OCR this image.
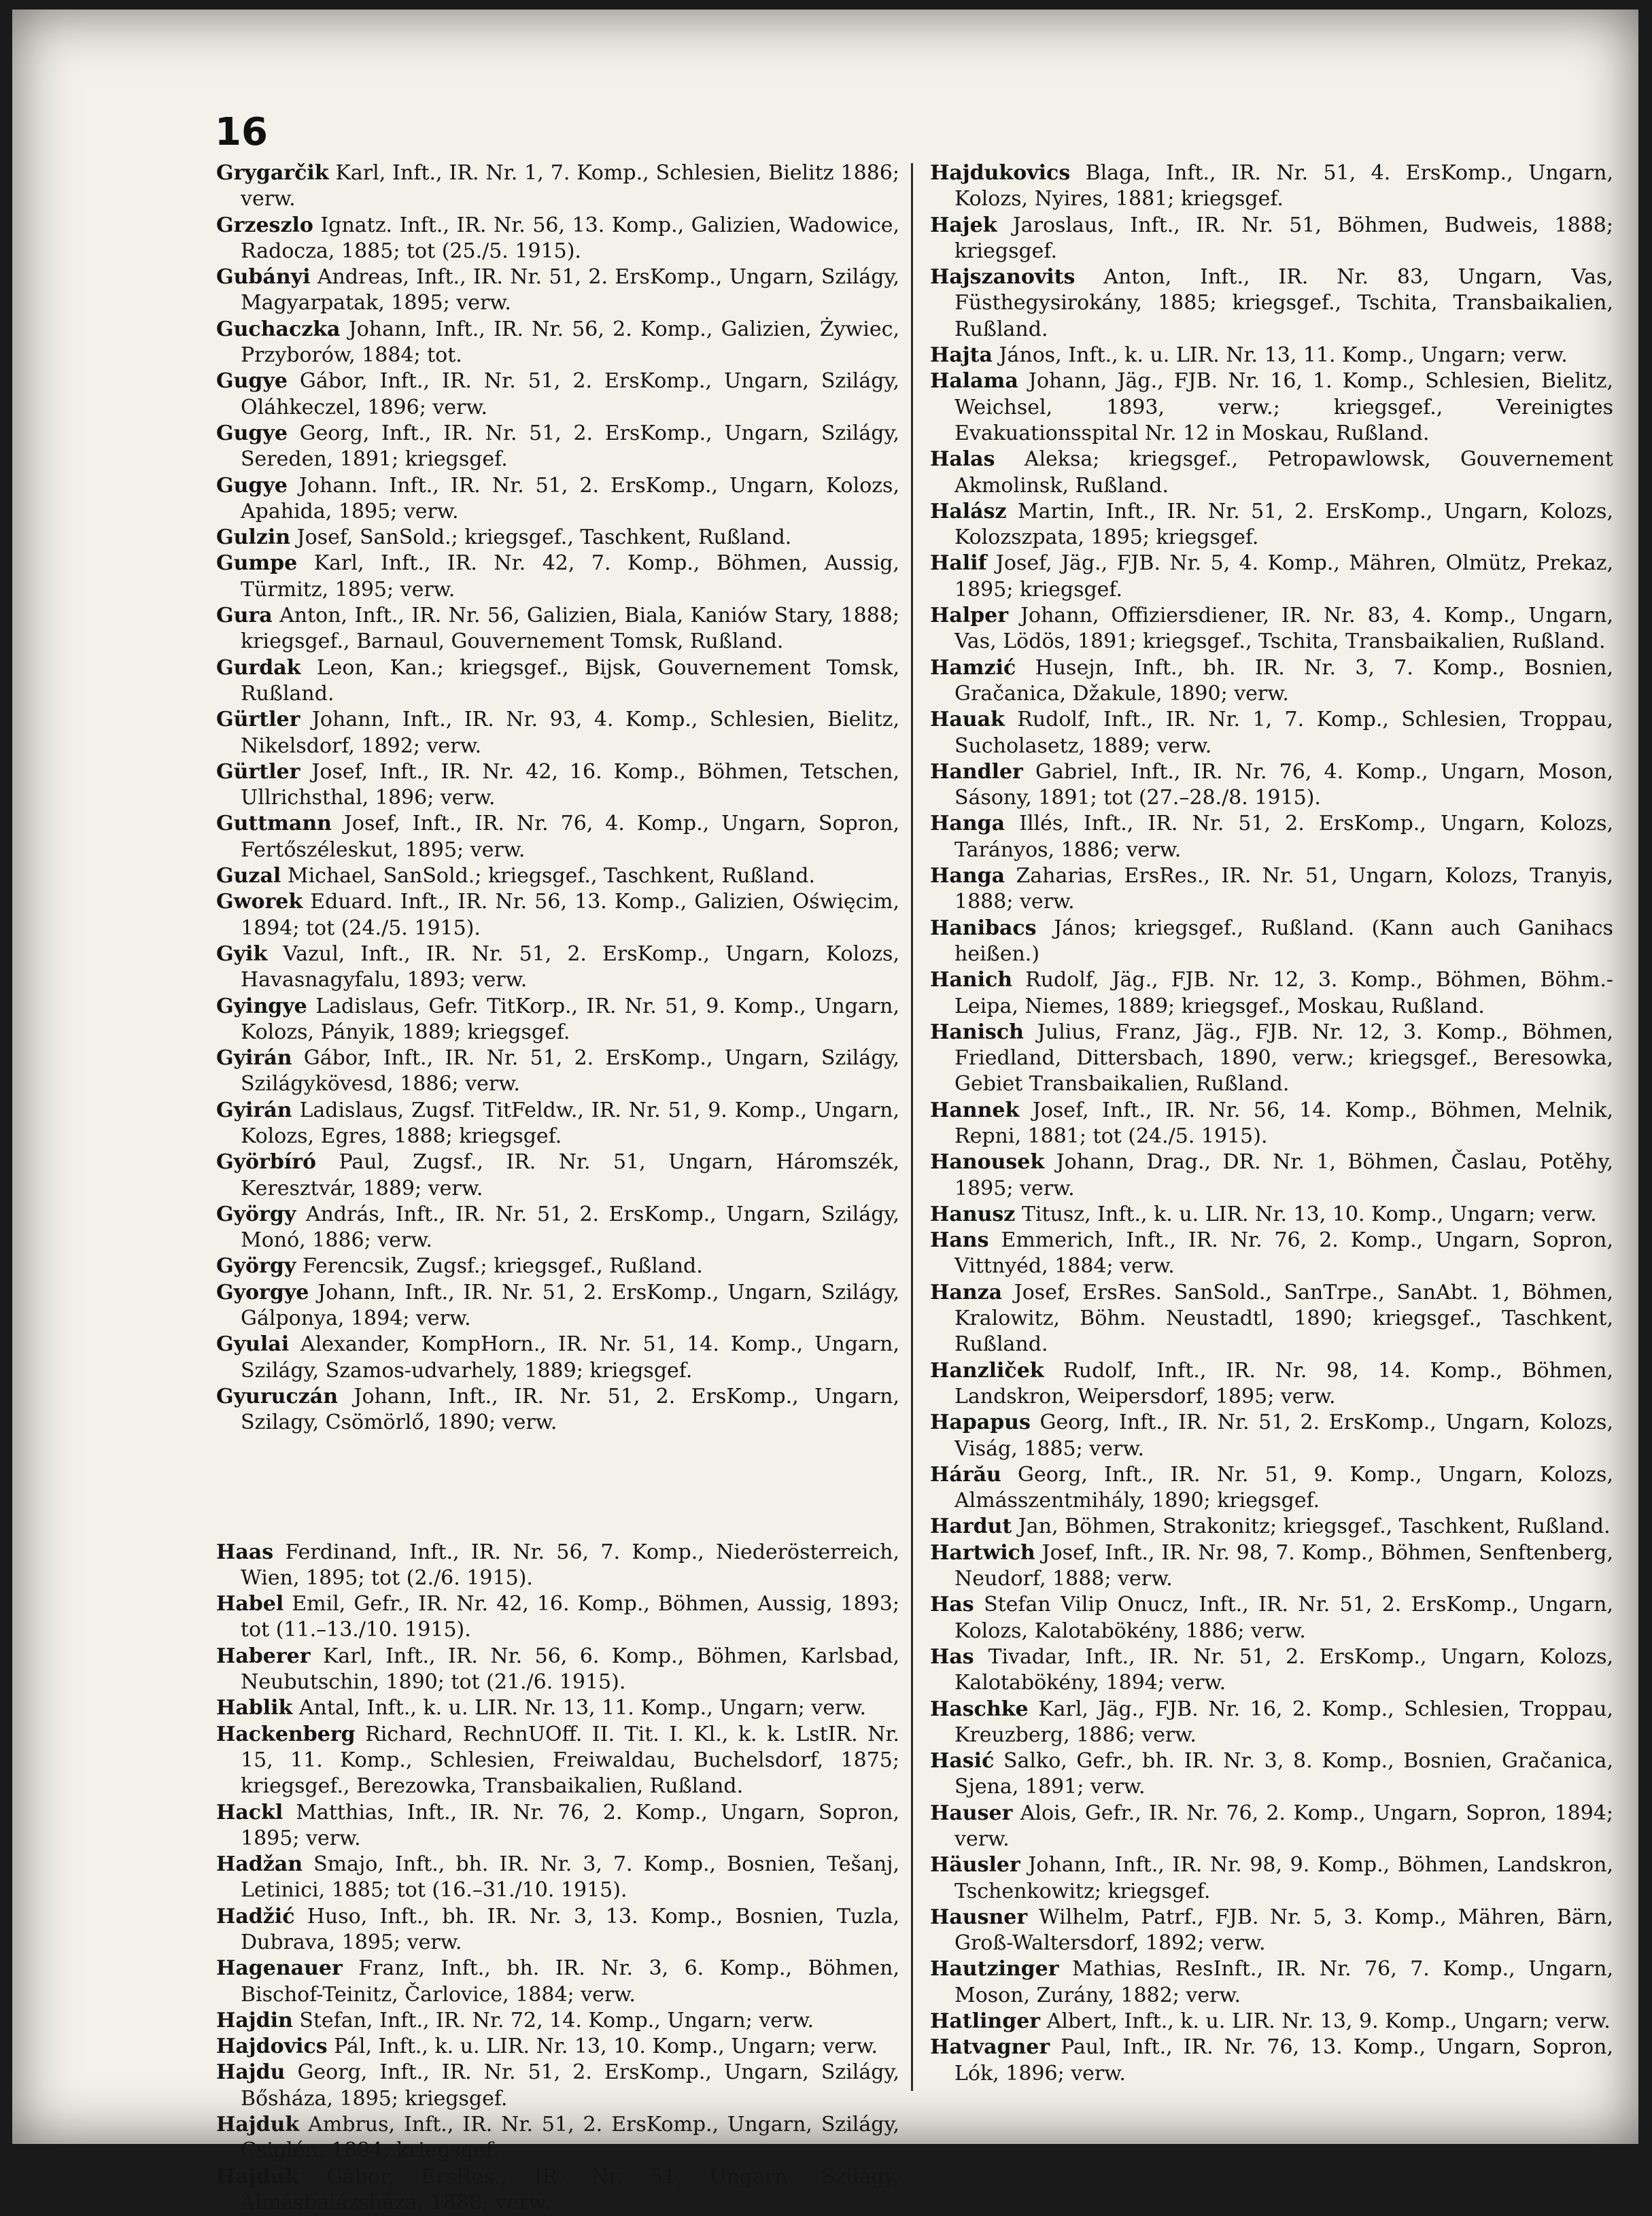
16

Grygarčik Karl, Inft., IR. Nr. 1, 7. Komp., Schlesien, Bielitz 1886; verw.

Grzeszlo Ignatz. Inft., IR. Nr. 56, 13. Komp., Galizien, Wadowice, Radocza, 1885; tot (25./5. 1915).

Gubányi Andreas, Inft., IR. Nr. 51, 2. ErsKomp., Ungarn, Szilágy, Magyarpatak, 1895; verw.

Guchaczka Johann, Inft., IR. Nr. 56, 2. Komp., Galizien, Żywiec, Przyborów, 1884; tot.

Gugye Gábor, Inft., IR. Nr. 51, 2. ErsKomp., Ungarn, Szilágy, Oláhkeczel, 1896; verw.

Gugye Georg, Inft., IR. Nr. 51, 2. ErsKomp., Ungarn, Szilágy, Sereden, 1891; kriegsgef.

Gugye Johann. Inft., IR. Nr. 51, 2. ErsKomp., Ungarn, Kolozs, Apahida, 1895; verw.

Gulzin Josef, SanSold.; kriegsgef., Taschkent, Rußland.

Gumpe Karl, Inft., IR. Nr. 42, 7. Komp., Böhmen, Aussig, Türmitz, 1895; verw.

Gura Anton, Inft., IR. Nr. 56, Galizien, Biala, Kaniów Stary, 1888; kriegsgef., Barnaul, Gouvernement Tomsk, Rußland.

Gurdak Leon, Kan.; kriegsgef., Bijsk, Gouvernement Tomsk, Rußland.

Gürtler Johann, Inft., IR. Nr. 93, 4. Komp., Schlesien, Bielitz, Nikelsdorf, 1892; verw.

Gürtler Josef, Inft., IR. Nr. 42, 16. Komp., Böhmen, Tetschen, Ullrichsthal, 1896; verw.

Guttmann Josef, Inft., IR. Nr. 76, 4. Komp., Ungarn, Sopron, Fertőszéleskut, 1895; verw.

Guzal Michael, SanSold.; kriegsgef., Taschkent, Rußland.

Gworek Eduard. Inft., IR. Nr. 56, 13. Komp., Galizien, Oświęcim, 1894; tot (24./5. 1915).

Gyik Vazul, Inft., IR. Nr. 51, 2. ErsKomp., Ungarn, Kolozs, Havasnagyfalu, 1893; verw.

Gyingye Ladislaus, Gefr. TitKorp., IR. Nr. 51, 9. Komp., Ungarn, Kolozs, Pányik, 1889; kriegsgef.

Gyirán Gábor, Inft., IR. Nr. 51, 2. ErsKomp., Ungarn, Szilágy, Szilágykövesd, 1886; verw.

Gyirán Ladislaus, Zugsf. TitFeldw., IR. Nr. 51, 9. Komp., Ungarn, Kolozs, Egres, 1888; kriegsgef.

Györbíró Paul, Zugsf., IR. Nr. 51, Ungarn, Háromszék, Keresztvár, 1889; verw.

György András, Inft., IR. Nr. 51, 2. ErsKomp., Ungarn, Szilágy, Monó, 1886; verw.

György Ferencsik, Zugsf.; kriegsgef., Rußland.

Gyorgye Johann, Inft., IR. Nr. 51, 2. ErsKomp., Ungarn, Szilágy, Gálponya, 1894; verw.

Gyulai Alexander, KompHorn., IR. Nr. 51, 14. Komp., Ungarn, Szilágy, Szamos-udvarhely, 1889; kriegsgef.

Gyuruczán Johann, Inft., IR. Nr. 51, 2. ErsKomp., Ungarn, Szilagy, Csömörlő, 1890; verw.

Haas Ferdinand, Inft., IR. Nr. 56, 7. Komp., Niederösterreich, Wien, 1895; tot (2./6. 1915).

Habel Emil, Gefr., IR. Nr. 42, 16. Komp., Böhmen, Aussig, 1893; tot (11.–13./10. 1915).

Haberer Karl, Inft., IR. Nr. 56, 6. Komp., Böhmen, Karlsbad, Neubutschin, 1890; tot (21./6. 1915).

Hablik Antal, Inft., k. u. LIR. Nr. 13, 11. Komp., Ungarn; verw.

Hackenberg Richard, RechnUOff. II. Tit. I. Kl., k. k. LstIR. Nr. 15, 11. Komp., Schlesien, Freiwaldau, Buchelsdorf, 1875; kriegsgef., Berezowka, Transbaikalien, Rußland.

Hackl Matthias, Inft., IR. Nr. 76, 2. Komp., Ungarn, Sopron, 1895; verw.

Hadžan Smajo, Inft., bh. IR. Nr. 3, 7. Komp., Bosnien, Tešanj, Letinici, 1885; tot (16.–31./10. 1915).

Hadžić Huso, Inft., bh. IR. Nr. 3, 13. Komp., Bosnien, Tuzla, Dubrava, 1895; verw.

Hagenauer Franz, Inft., bh. IR. Nr. 3, 6. Komp., Böhmen, Bischof-Teinitz, Čarlovice, 1884; verw.

Hajdin Stefan, Inft., IR. Nr. 72, 14. Komp., Ungarn; verw.

Hajdovics Pál, Inft., k. u. LIR. Nr. 13, 10. Komp., Ungarn; verw.

Hajdu Georg, Inft., IR. Nr. 51, 2. ErsKomp., Ungarn, Szilágy, Bősháza, 1895; kriegsgef.

Hajduk Ambrus, Inft., IR. Nr. 51, 2. ErsKomp., Ungarn, Szilágy, Csiglén, 1894; kriegsgef.

Hajduk Gábor, ErsRes., IR. Nr. 51, Ungarn, Szilágy, Almásbalázsháza, 1888; verw.

Hajdukovics Blaga, Inft., IR. Nr. 51, 4. ErsKomp., Ungarn, Kolozs, Nyires, 1881; kriegsgef.

Hajek Jaroslaus, Inft., IR. Nr. 51, Böhmen, Budweis, 1888; kriegsgef.

Hajszanovits Anton, Inft., IR. Nr. 83, Ungarn, Vas, Füsthegysirokány, 1885; kriegsgef., Tschita, Transbaikalien, Rußland.

Hajta János, Inft., k. u. LIR. Nr. 13, 11. Komp., Ungarn; verw.

Halama Johann, Jäg., FJB. Nr. 16, 1. Komp., Schlesien, Bielitz, Weichsel, 1893, verw.; kriegsgef., Vereinigtes Evakuationsspital Nr. 12 in Moskau, Rußland.

Halas Aleksa; kriegsgef., Petropawlowsk, Gouvernement Akmolinsk, Rußland.

Halász Martin, Inft., IR. Nr. 51, 2. ErsKomp., Ungarn, Kolozs, Kolozszpata, 1895; kriegsgef.

Halif Josef, Jäg., FJB. Nr. 5, 4. Komp., Mähren, Olmütz, Prekaz, 1895; kriegsgef.

Halper Johann, Offiziersdiener, IR. Nr. 83, 4. Komp., Ungarn, Vas, Lödös, 1891; kriegsgef., Tschita, Transbaikalien, Rußland.

Hamzić Husejn, Inft., bh. IR. Nr. 3, 7. Komp., Bosnien, Gračanica, Džakule, 1890; verw.

Hauak Rudolf, Inft., IR. Nr. 1, 7. Komp., Schlesien, Troppau, Sucholasetz, 1889; verw.

Handler Gabriel, Inft., IR. Nr. 76, 4. Komp., Ungarn, Moson, Sásony, 1891; tot (27.–28./8. 1915).

Hanga Illés, Inft., IR. Nr. 51, 2. ErsKomp., Ungarn, Kolozs, Tarányos, 1886; verw.

Hanga Zaharias, ErsRes., IR. Nr. 51, Ungarn, Kolozs, Tranyis, 1888; verw.

Hanibacs János; kriegsgef., Rußland. (Kann auch Ganihacs heißen.)

Hanich Rudolf, Jäg., FJB. Nr. 12, 3. Komp., Böhmen, Böhm.-Leipa, Niemes, 1889; kriegsgef., Moskau, Rußland.

Hanisch Julius, Franz, Jäg., FJB. Nr. 12, 3. Komp., Böhmen, Friedland, Dittersbach, 1890, verw.; kriegsgef., Beresowka, Gebiet Transbaikalien, Rußland.

Hannek Josef, Inft., IR. Nr. 56, 14. Komp., Böhmen, Melnik, Repni, 1881; tot (24./5. 1915).

Hanousek Johann, Drag., DR. Nr. 1, Böhmen, Časlau, Potěhy, 1895; verw.

Hanusz Titusz, Inft., k. u. LIR. Nr. 13, 10. Komp., Ungarn; verw.

Hans Emmerich, Inft., IR. Nr. 76, 2. Komp., Ungarn, Sopron, Vittnyéd, 1884; verw.

Hanza Josef, ErsRes. SanSold., SanTrpe., SanAbt. 1, Böhmen, Kralowitz, Böhm. Neustadtl, 1890; kriegsgef., Taschkent, Rußland.

Hanzliček Rudolf, Inft., IR. Nr. 98, 14. Komp., Böhmen, Landskron, Weipersdorf, 1895; verw.

Hapapus Georg, Inft., IR. Nr. 51, 2. ErsKomp., Ungarn, Kolozs, Viság, 1885; verw.

Hárău Georg, Inft., IR. Nr. 51, 9. Komp., Ungarn, Kolozs, Almásszentmihály, 1890; kriegsgef.

Hardut Jan, Böhmen, Strakonitz; kriegsgef., Taschkent, Rußland.

Hartwich Josef, Inft., IR. Nr. 98, 7. Komp., Böhmen, Senftenberg, Neudorf, 1888; verw.

Has Stefan Vilip Onucz, Inft., IR. Nr. 51, 2. ErsKomp., Ungarn, Kolozs, Kalotabökény, 1886; verw.

Has Tivadar, Inft., IR. Nr. 51, 2. ErsKomp., Ungarn, Kolozs, Kalotabökény, 1894; verw.

Haschke Karl, Jäg., FJB. Nr. 16, 2. Komp., Schlesien, Troppau, Kreuzberg, 1886; verw.

Hasić Salko, Gefr., bh. IR. Nr. 3, 8. Komp., Bosnien, Gračanica, Sjena, 1891; verw.

Hauser Alois, Gefr., IR. Nr. 76, 2. Komp., Ungarn, Sopron, 1894; verw.

Häusler Johann, Inft., IR. Nr. 98, 9. Komp., Böhmen, Landskron, Tschenkowitz; kriegsgef.

Hausner Wilhelm, Patrf., FJB. Nr. 5, 3. Komp., Mähren, Bärn, Groß-Waltersdorf, 1892; verw.

Hautzinger Mathias, ResInft., IR. Nr. 76, 7. Komp., Ungarn, Moson, Zurány, 1882; verw.

Hatlinger Albert, Inft., k. u. LIR. Nr. 13, 9. Komp., Ungarn; verw.

Hatvagner Paul, Inft., IR. Nr. 76, 13. Komp., Ungarn, Sopron, Lók, 1896; verw.
